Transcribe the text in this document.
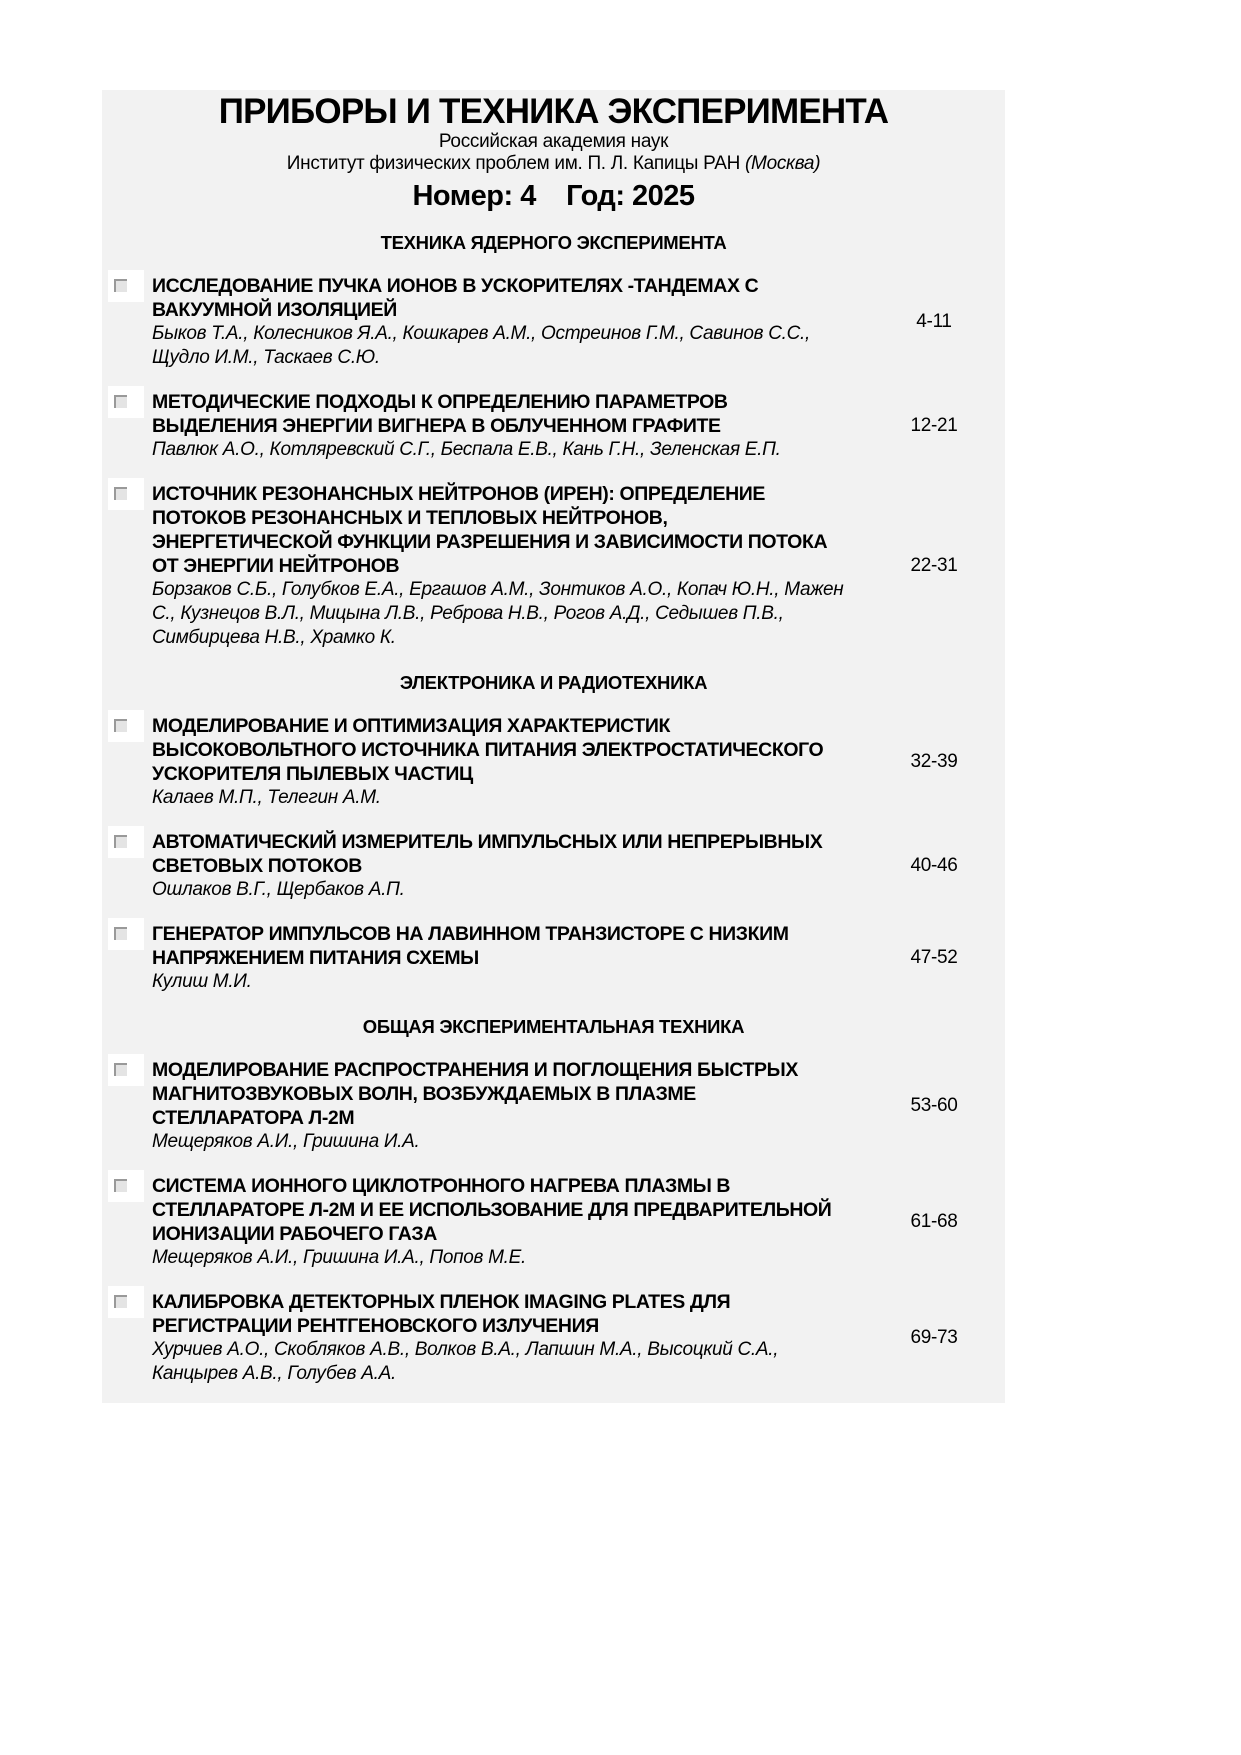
ПРИБОРЫ И ТЕХНИКА ЭКСПЕРИМЕНТА
Российская академия наук
Институт физических проблем им. П. Л. Капицы РАН (Москва)
Номер: 4 Год: 2025
ТЕХНИКА ЯДЕРНОГО ЭКСПЕРИМЕНТА
ИССЛЕДОВАНИЕ ПУЧКА ИОНОВ В УСКОРИТЕЛЯХ -ТАНДЕМАХ С ВАКУУМНОЙ ИЗОЛЯЦИЕЙ
Быков Т.А., Колесников Я.А., Кошкарев А.М., Остреинов Г.М., Савинов С.С., Щудло И.М., Таскаев С.Ю.
4-11
МЕТОДИЧЕСКИЕ ПОДХОДЫ К ОПРЕДЕЛЕНИЮ ПАРАМЕТРОВ ВЫДЕЛЕНИЯ ЭНЕРГИИ ВИГНЕРА В ОБЛУЧЕННОМ ГРАФИТЕ
Павлюк А.О., Котляревский С.Г., Беспала Е.В., Кань Г.Н., Зеленская Е.П.
12-21
ИСТОЧНИК РЕЗОНАНСНЫХ НЕЙТРОНОВ (ИРЕН): ОПРЕДЕЛЕНИЕ ПОТОКОВ РЕЗОНАНСНЫХ И ТЕПЛОВЫХ НЕЙТРОНОВ, ЭНЕРГЕТИЧЕСКОЙ ФУНКЦИИ РАЗРЕШЕНИЯ И ЗАВИСИМОСТИ ПОТОКА ОТ ЭНЕРГИИ НЕЙТРОНОВ
Борзаков С.Б., Голубков Е.А., Ергашов А.М., Зонтиков А.О., Копач Ю.Н., Мажен С., Кузнецов В.Л., Мицына Л.В., Реброва Н.В., Рогов А.Д., Седышев П.В., Симбирцева Н.В., Храмко К.
22-31
ЭЛЕКТРОНИКА И РАДИОТЕХНИКА
МОДЕЛИРОВАНИЕ И ОПТИМИЗАЦИЯ ХАРАКТЕРИСТИК ВЫСОКОВОЛЬТНОГО ИСТОЧНИКА ПИТАНИЯ ЭЛЕКТРОСТАТИЧЕСКОГО УСКОРИТЕЛЯ ПЫЛЕВЫХ ЧАСТИЦ
Калаев М.П., Телегин А.М.
32-39
АВТОМАТИЧЕСКИЙ ИЗМЕРИТЕЛЬ ИМПУЛЬСНЫХ ИЛИ НЕПРЕРЫВНЫХ СВЕТОВЫХ ПОТОКОВ
Ошлаков В.Г., Щербаков А.П.
40-46
ГЕНЕРАТОР ИМПУЛЬСОВ НА ЛАВИННОМ ТРАНЗИСТОРЕ С НИЗКИМ НАПРЯЖЕНИЕМ ПИТАНИЯ СХЕМЫ
Кулиш М.И.
47-52
ОБЩАЯ ЭКСПЕРИМЕНТАЛЬНАЯ ТЕХНИКА
МОДЕЛИРОВАНИЕ РАСПРОСТРАНЕНИЯ И ПОГЛОЩЕНИЯ БЫСТРЫХ МАГНИТОЗВУКОВЫХ ВОЛН, ВОЗБУЖДАЕМЫХ В ПЛАЗМЕ СТЕЛЛАРАТОРА Л-2М
Мещеряков А.И., Гришина И.А.
53-60
СИСТЕМА ИОННОГО ЦИКЛОТРОННОГО НАГРЕВА ПЛАЗМЫ В СТЕЛЛАРАТОРЕ Л-2М И ЕЕ ИСПОЛЬЗОВАНИЕ ДЛЯ ПРЕДВАРИТЕЛЬНОЙ ИОНИЗАЦИИ РАБОЧЕГО ГАЗА
Мещеряков А.И., Гришина И.А., Попов М.Е.
61-68
КАЛИБРОВКА ДЕТЕКТОРНЫХ ПЛЕНОК IMAGING PLATES ДЛЯ РЕГИСТРАЦИИ РЕНТГЕНОВСКОГО ИЗЛУЧЕНИЯ
Хурчиев А.О., Скобляков А.В., Волков В.А., Лапшин М.А., Высоцкий С.А., Канцырев А.В., Голубев А.А.
69-73
